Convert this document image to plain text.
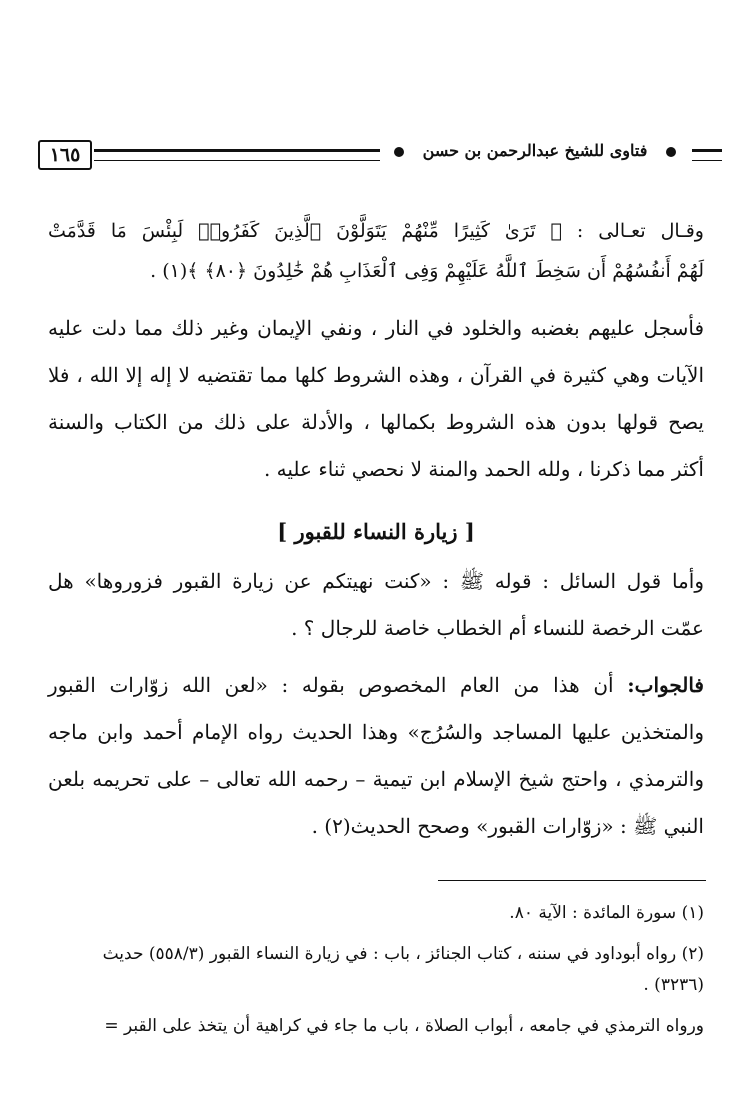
١٦٥	فتاوى للشيخ عبدالرحمن بن حسن
وقـال تعـالى : ﴿ تَرَىٰ كَثِيرًا مِّنْهُمْ يَتَوَلَّوْنَ ٱلَّذِينَ كَفَرُوا۟ لَبِئْسَ مَا قَدَّمَتْ
لَهُمْ أَنفُسُهُمْ أَن سَخِطَ ٱللَّهُ عَلَيْهِمْ وَفِى ٱلْعَذَابِ هُمْ خَٰلِدُونَ ﴿٨٠﴾ ﴾(١) .
فأسجل عليهم بغضبه والخلود في النار ، ونفي الإيمان وغير ذلك مما دلت عليه
الآيات وهي كثيرة في القرآن ، وهذه الشروط كلها مما تقتضيه لا إله إلا الله ، فلا
يصح قولها بدون هذه الشروط بكمالها ، والأدلة على ذلك من الكتاب والسنة
أكثر مما ذكرنا ، ولله الحمد والمنة لا نحصي ثناء عليه .
[ زيارة النساء للقبور ]
وأما قول السائل : قوله ﷺ : «كنت نهيتكم عن زيارة القبور فزوروها» هل
عمّت الرخصة للنساء أم الخطاب خاصة للرجال ؟ .
فالجواب: أن هذا من العام المخصوص بقوله : «لعن الله زوّارات القبور
والمتخذين عليها المساجد والسُرُج» وهذا الحديث رواه الإمام أحمد وابن ماجه
والترمذي ، واحتج شيخ الإسلام ابن تيمية – رحمه الله تعالى – على تحريمه بلعن
النبي ﷺ : «زوّارات القبور» وصحح الحديث(٢) .
(١) سورة المائدة : الآية ٨٠.
(٢) رواه أبوداود في سننه ، كتاب الجنائز ، باب : في زيارة النساء القبور (٥٥٨/٣) حديث
(٣٢٣٦) .
ورواه الترمذي في جامعه ، أبواب الصلاة ، باب ما جاء في كراهية أن يتخذ على القبر =
